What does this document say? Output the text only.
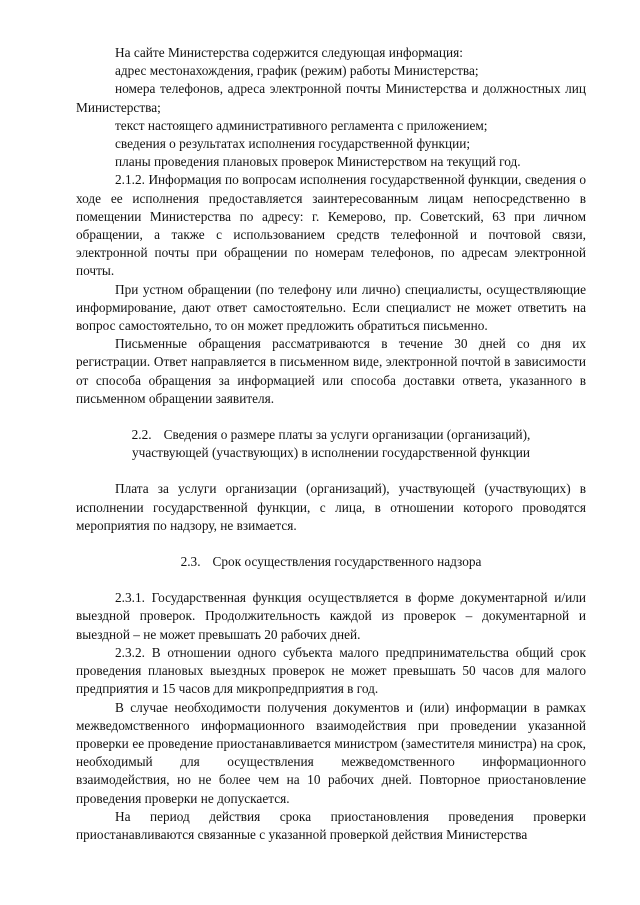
На сайте Министерства содержится следующая информация:

адрес местонахождения, график (режим) работы Министерства;

номера телефонов, адреса электронной почты Министерства и должностных лиц Министерства;

текст настоящего административного регламента с приложением;

сведения о результатах исполнения государственной функции;

планы проведения плановых проверок Министерством на текущий год.

2.1.2. Информация по вопросам исполнения государственной функции, сведения о ходе ее исполнения предоставляется заинтересованным лицам непосредственно в помещении Министерства по адресу: г. Кемерово, пр. Советский, 63 при личном обращении, а также с использованием средств телефонной и почтовой связи, электронной почты при обращении по номерам телефонов, по адресам электронной почты.

При устном обращении (по телефону или лично) специалисты, осуществляющие информирование, дают ответ самостоятельно. Если специалист не может ответить на вопрос самостоятельно, то он может предложить обратиться письменно.

Письменные обращения рассматриваются в течение 30 дней со дня их регистрации. Ответ направляется в письменном виде, электронной почтой в зависимости от способа обращения за информацией или способа доставки ответа, указанного в письменном обращении заявителя.

2.2. Сведения о размере платы за услуги организации (организаций), участвующей (участвующих) в исполнении государственной функции

Плата за услуги организации (организаций), участвующей (участвующих) в исполнении государственной функции, с лица, в отношении которого проводятся мероприятия по надзору, не взимается.

2.3. Срок осуществления государственного надзора

2.3.1. Государственная функция осуществляется в форме документарной и/или выездной проверок. Продолжительность каждой из проверок – документарной и выездной – не может превышать 20 рабочих дней.

2.3.2. В отношении одного субъекта малого предпринимательства общий срок проведения плановых выездных проверок не может превышать 50 часов для малого предприятия и 15 часов для микропредприятия в год.

В случае необходимости получения документов и (или) информации в рамках межведомственного информационного взаимодействия при проведении указанной проверки ее проведение приостанавливается министром (заместителя министра) на срок, необходимый для осуществления межведомственного информационного взаимодействия, но не более чем на 10 рабочих дней. Повторное приостановление проведения проверки не допускается.

На период действия срока приостановления проведения проверки приостанавливаются связанные с указанной проверкой действия Министерства
